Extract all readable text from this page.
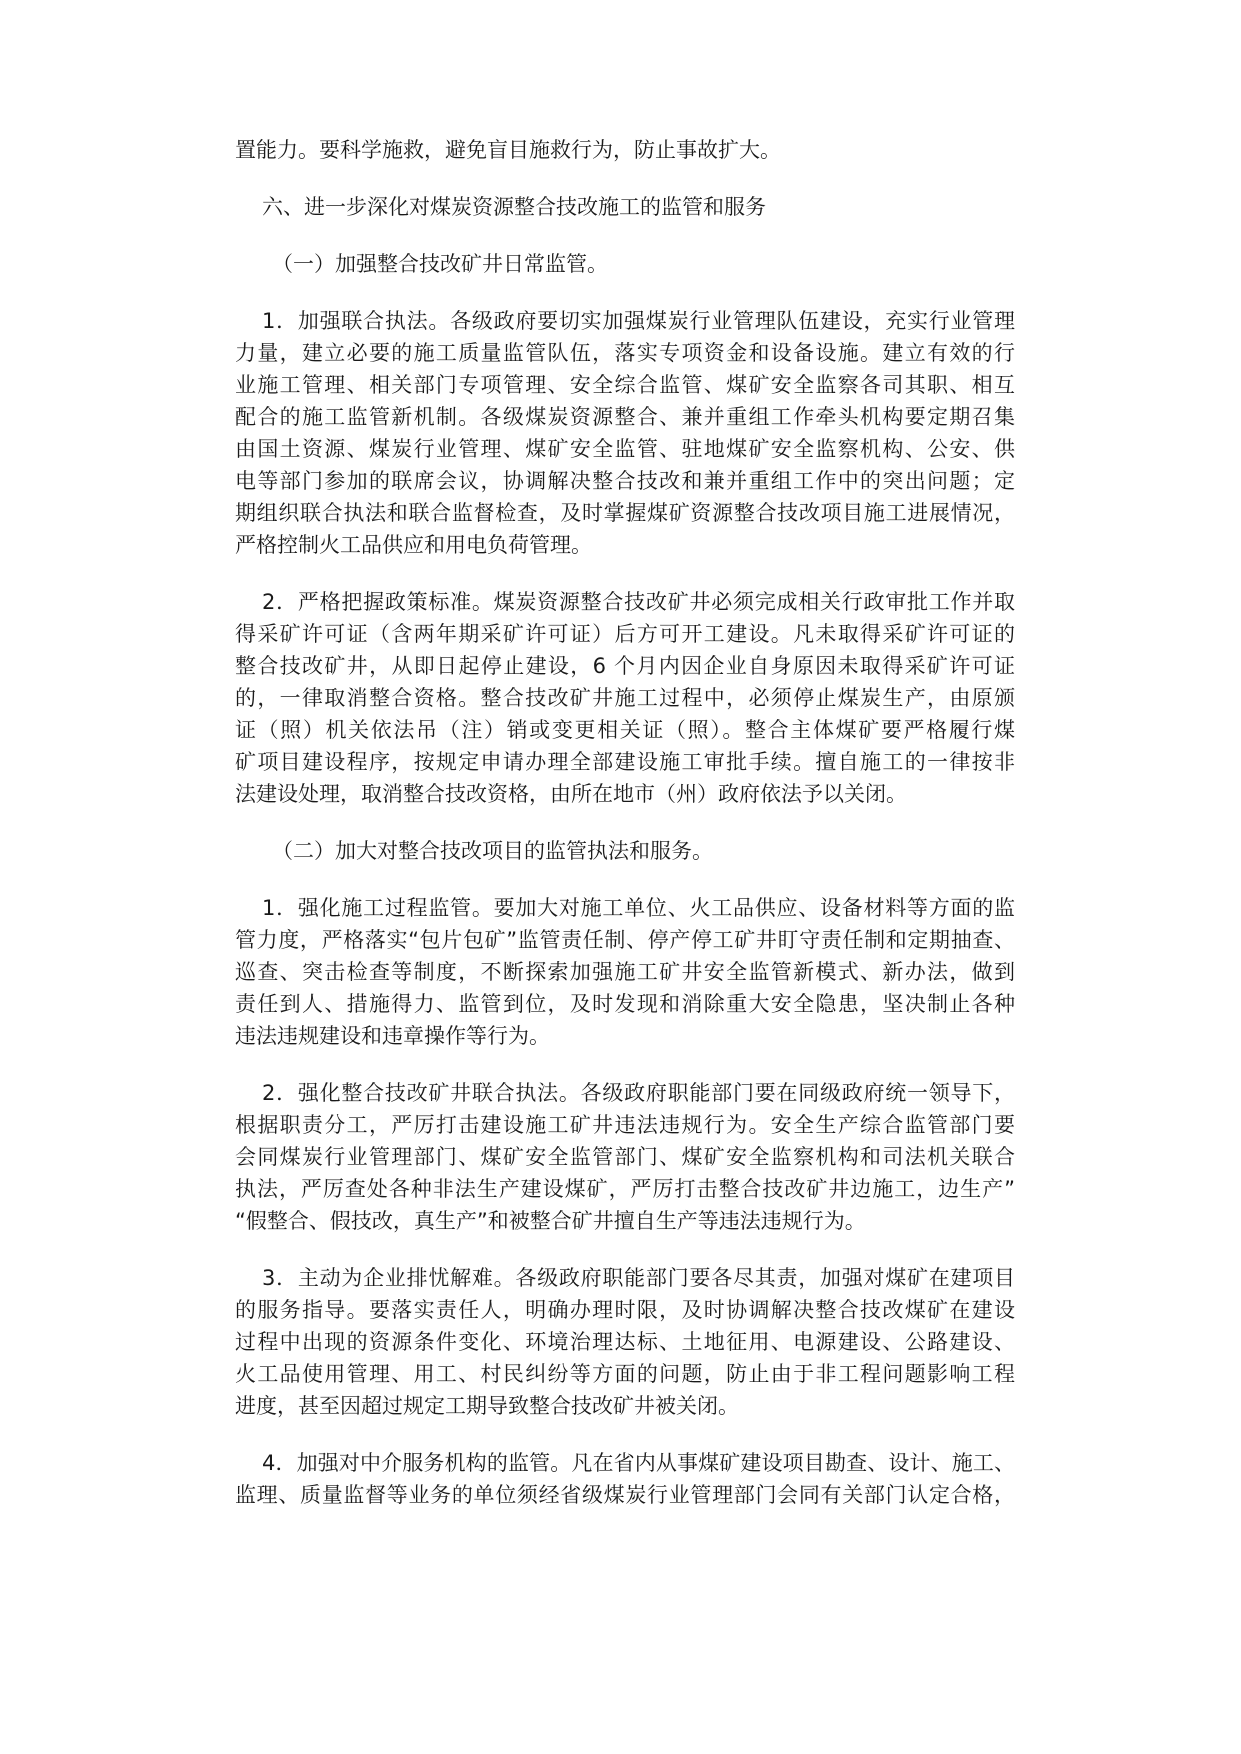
置能力。要科学施救，避免盲目施救行为，防止事故扩大。
六、进一步深化对煤炭资源整合技改施工的监管和服务
（一）加强整合技改矿井日常监管。
1．加强联合执法。各级政府要切实加强煤炭行业管理队伍建设，充实行业管理
力量，建立必要的施工质量监管队伍，落实专项资金和设备设施。建立有效的行
业施工管理、相关部门专项管理、安全综合监管、煤矿安全监察各司其职、相互
配合的施工监管新机制。各级煤炭资源整合、兼并重组工作牵头机构要定期召集
由国土资源、煤炭行业管理、煤矿安全监管、驻地煤矿安全监察机构、公安、供
电等部门参加的联席会议，协调解决整合技改和兼并重组工作中的突出问题；定
期组织联合执法和联合监督检查，及时掌握煤矿资源整合技改项目施工进展情况，
严格控制火工品供应和用电负荷管理。
2．严格把握政策标准。煤炭资源整合技改矿井必须完成相关行政审批工作并取
得采矿许可证（含两年期采矿许可证）后方可开工建设。凡未取得采矿许可证的
整合技改矿井，从即日起停止建设，6 个月内因企业自身原因未取得采矿许可证
的，一律取消整合资格。整合技改矿井施工过程中，必须停止煤炭生产，由原颁
证（照）机关依法吊（注）销或变更相关证（照）。整合主体煤矿要严格履行煤
矿项目建设程序，按规定申请办理全部建设施工审批手续。擅自施工的一律按非
法建设处理，取消整合技改资格，由所在地市（州）政府依法予以关闭。
（二）加大对整合技改项目的监管执法和服务。
1．强化施工过程监管。要加大对施工单位、火工品供应、设备材料等方面的监
管力度，严格落实“包片包矿”监管责任制、停产停工矿井盯守责任制和定期抽查、
巡查、突击检查等制度，不断探索加强施工矿井安全监管新模式、新办法，做到
责任到人、措施得力、监管到位，及时发现和消除重大安全隐患，坚决制止各种
违法违规建设和违章操作等行为。
2．强化整合技改矿井联合执法。各级政府职能部门要在同级政府统一领导下，
根据职责分工，严厉打击建设施工矿井违法违规行为。安全生产综合监管部门要
会同煤炭行业管理部门、煤矿安全监管部门、煤矿安全监察机构和司法机关联合
执法，严厉查处各种非法生产建设煤矿，严厉打击整合技改矿井边施工，边生产”
“假整合、假技改，真生产”和被整合矿井擅自生产等违法违规行为。
3．主动为企业排忧解难。各级政府职能部门要各尽其责，加强对煤矿在建项目
的服务指导。要落实责任人，明确办理时限，及时协调解决整合技改煤矿在建设
过程中出现的资源条件变化、环境治理达标、土地征用、电源建设、公路建设、
火工品使用管理、用工、村民纠纷等方面的问题，防止由于非工程问题影响工程
进度，甚至因超过规定工期导致整合技改矿井被关闭。
4．加强对中介服务机构的监管。凡在省内从事煤矿建设项目勘查、设计、施工、
监理、质量监督等业务的单位须经省级煤炭行业管理部门会同有关部门认定合格，
